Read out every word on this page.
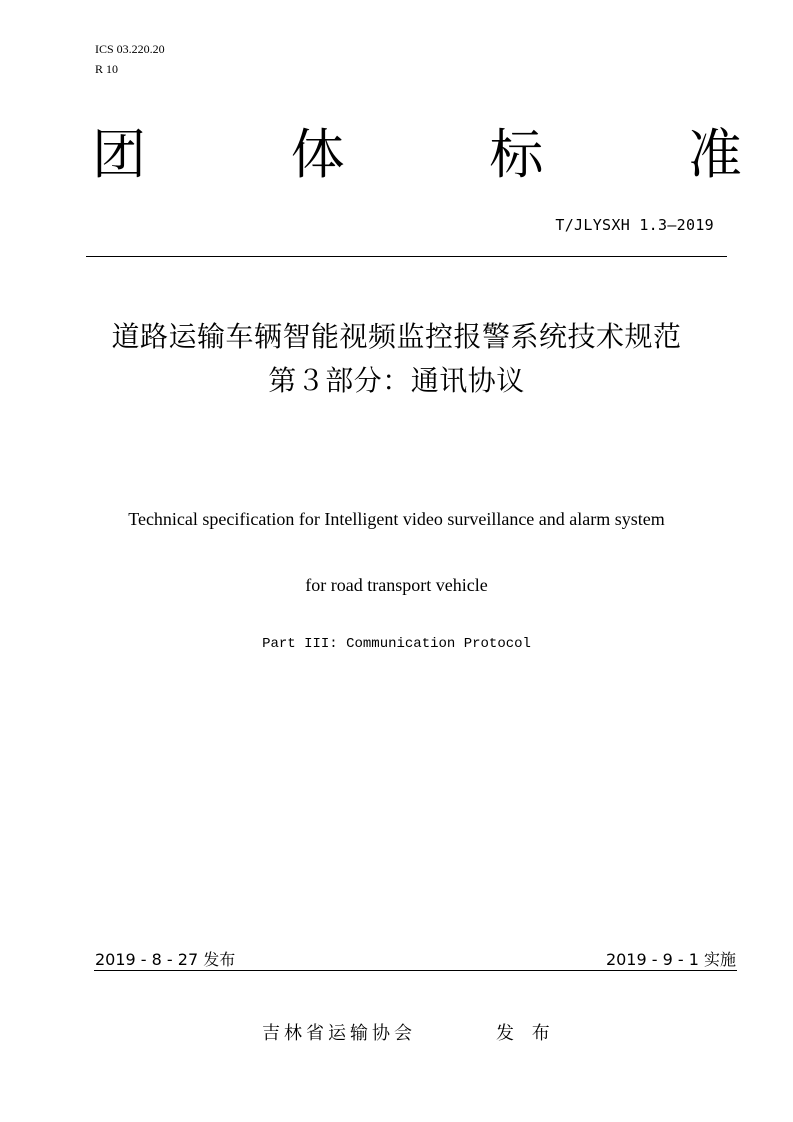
ICS 03.220.20
R 10
团	体	标	准
T/JLYSXH 1.3—2019
道路运输车辆智能视频监控报警系统技术规范
第３部分：通讯协议
Technical specification for Intelligent video surveillance and alarm system
for road transport vehicle
Part III: Communication Protocol
2019 - 8 - 27 发布	2019 - 9 - 1 实施
吉林省运输协会	发 布
